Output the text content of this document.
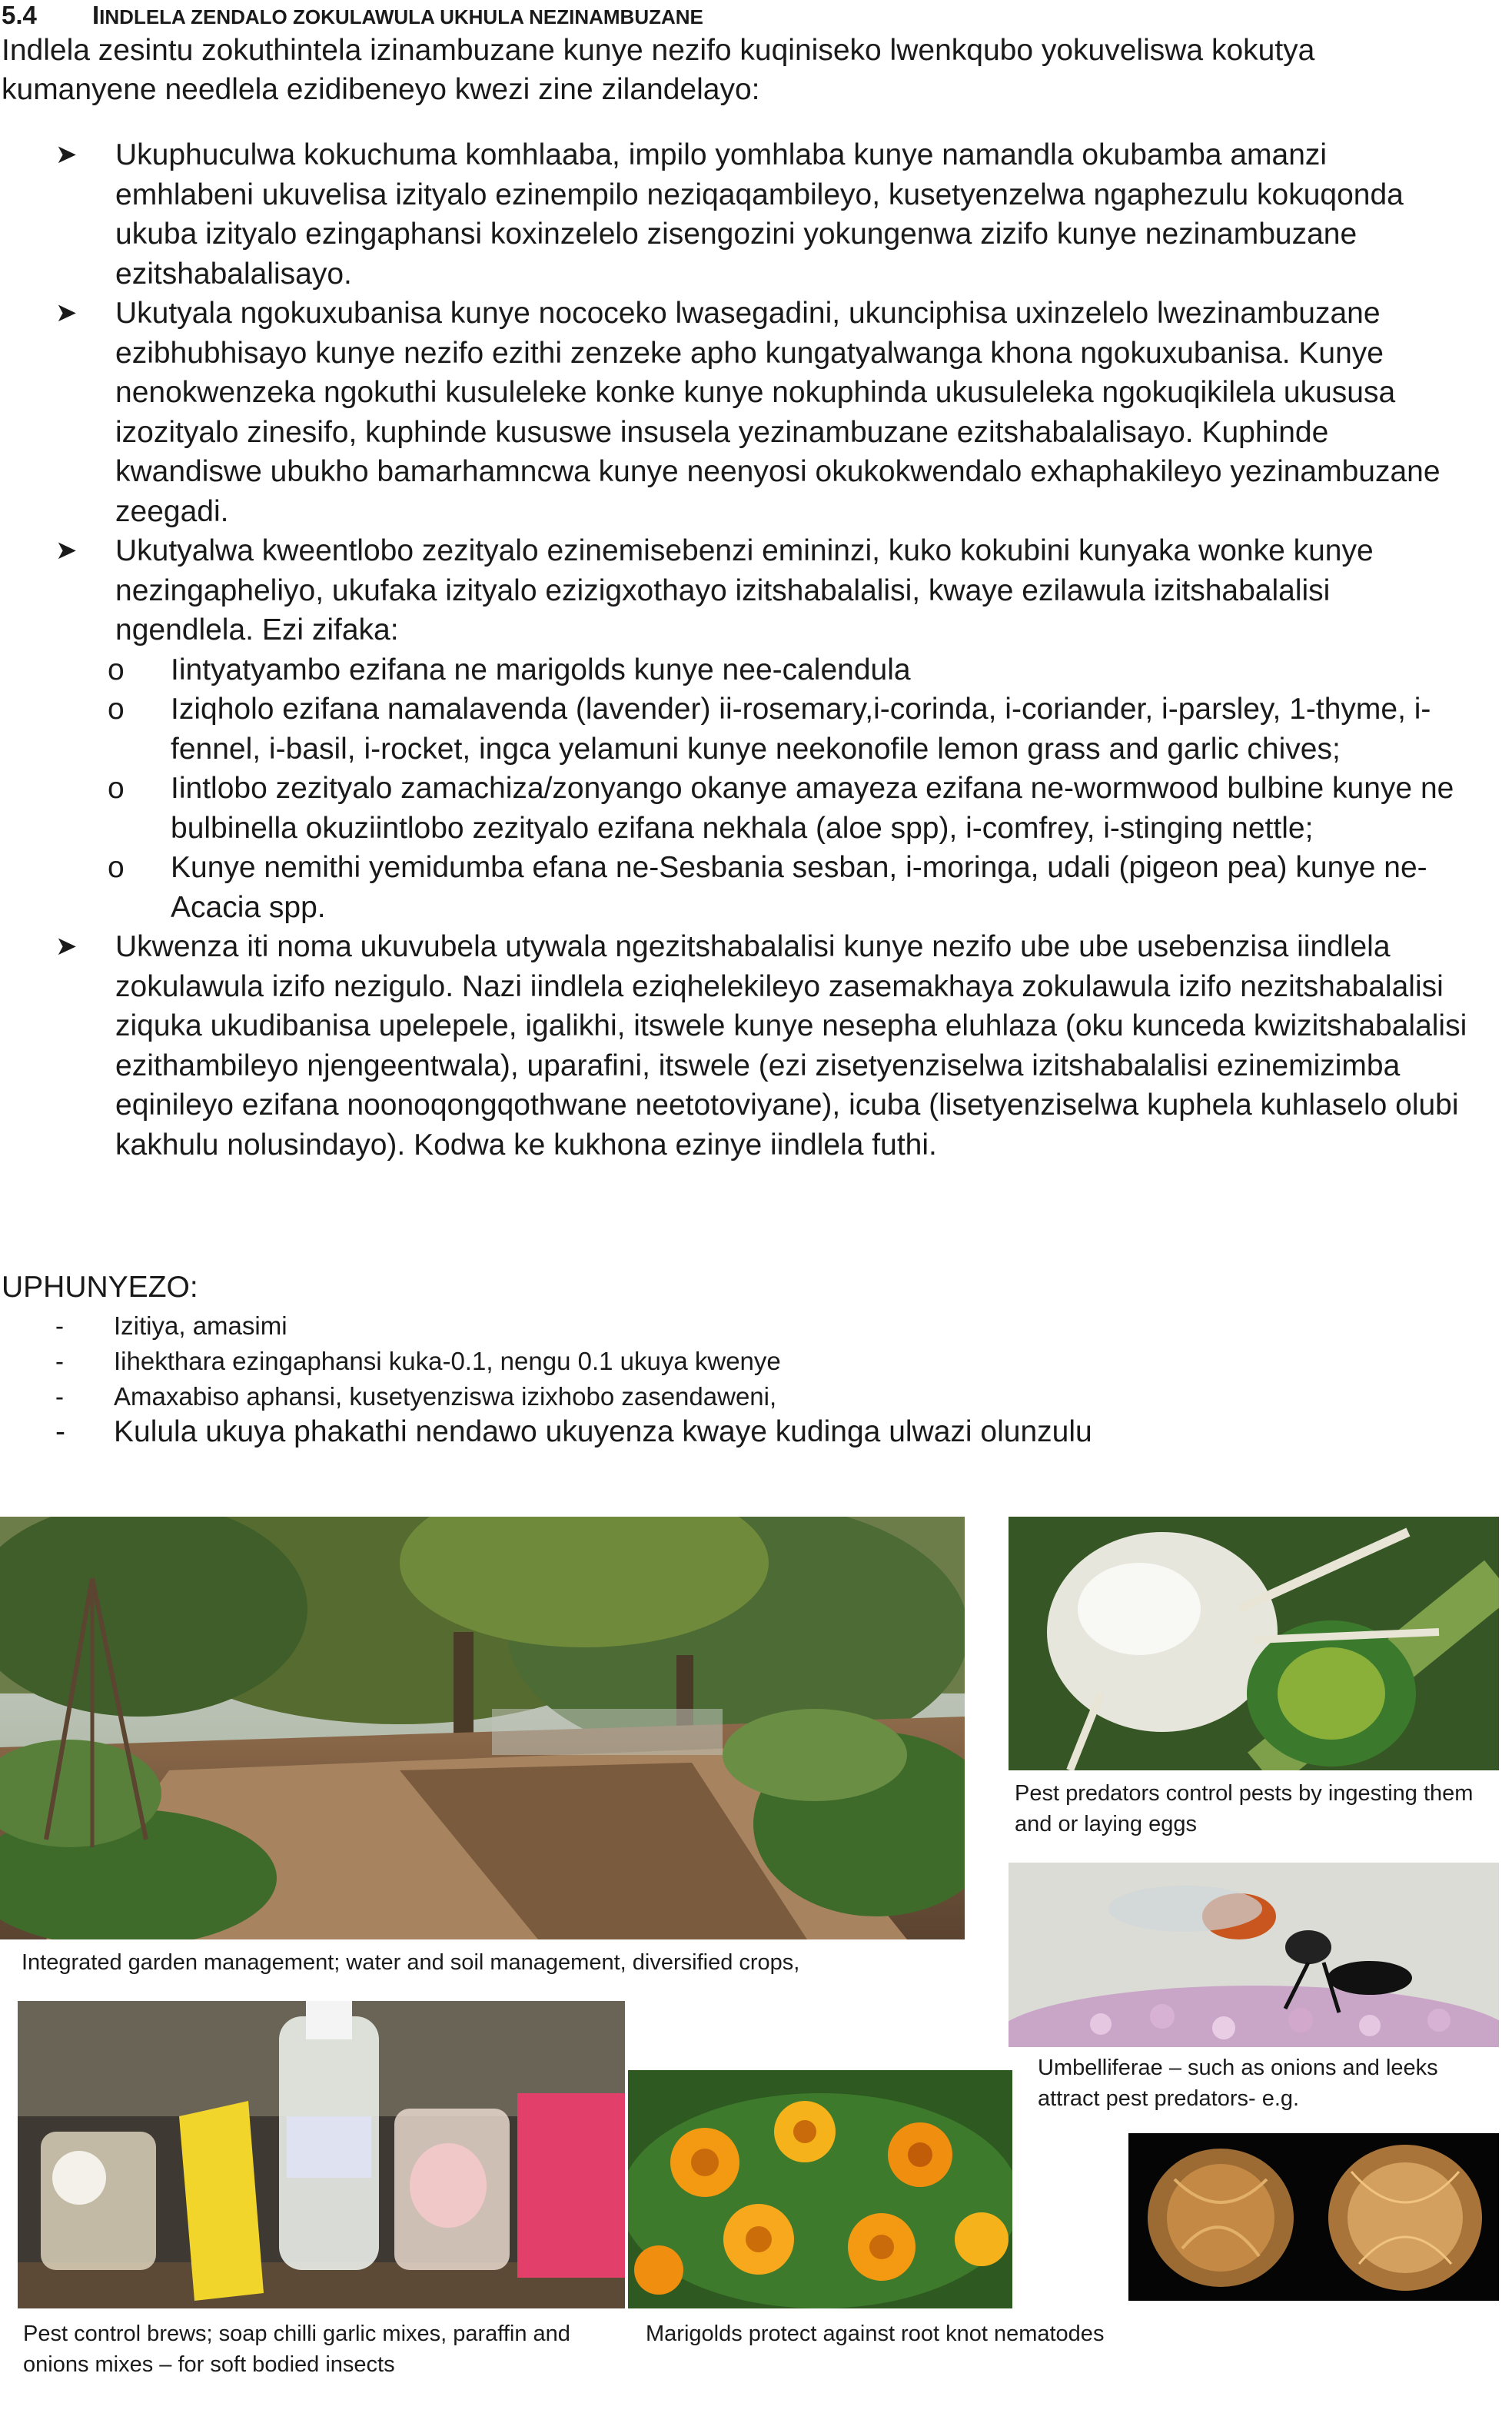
5.4 IINDLELA ZENDALO ZOKULAWULA UKHULA NEZINAMBUZANE
Indlela zesintu zokuthintela izinambuzane kunye nezifo kuqiniseko lwenkqubo yokuveliswa kokutya kumanyene needlela ezidibeneyo kwezi zine zilandelayo:
➤ Ukuphuculwa kokuchuma komhlaaba, impilo yomhlaba kunye namandla okubamba amanzi emhlabeni ukuvelisa izityalo ezinempilo neziqaqambileyo, kusetyenzelwa ngaphezulu kokuqonda ukuba izityalo ezingaphansi koxinzelelo zisengozini yokungenwa zizifo kunye nezinambuzane ezitshabalalisayo.
➤ Ukutyala ngokuxubanisa kunye nococeko lwasegadini, ukunciphisa uxinzelelo lwezinambuzane ezibhubhisayo kunye nezifo ezithi zenzeke apho kungatyalwanga khona ngokuxubanisa. Kunye nenokwenzeka ngokuthi kusuleleke konke kunye nokuphinda ukusuleleka ngokuqikilela ukususa izozityalo zinesifo, kuphinde kususwe insusela yezinambuzane ezitshabalalisayo. Kuphinde kwandiswe ubukho bamarhamncwa kunye neenyosi okukokwendalo exhaphakileyo yezinambuzane zeegadi.
➤ Ukutyalwa kweentlobo zezityalo ezinemisebenzi emininzi, kuko kokubini kunyaka wonke kunye nezingapheliyo, ukufaka izityalo ezizigxothayo izitshabalalisi, kwaye ezilawula izitshabalalisi ngendlela. Ezi zifaka:
o Iintyatyambo ezifana ne marigolds kunye nee-calendula
o Iziqholo ezifana namalavenda (lavender) ii-rosemary,i-corinda, i-coriander, i-parsley, 1-thyme, i-fennel, i-basil, i-rocket, ingca yelamuni kunye neekonofile lemon grass and garlic chives;
o Iintlobo zezityalo zamachiza/zonyango okanye amayeza ezifana ne-wormwood bulbine kunye ne bulbinella okuziintlobo zezityalo ezifana nekhala (aloe spp), i-comfrey, i-stinging nettle;
o Kunye nemithi yemidumba efana ne-Sesbania sesban, i-moringa, udali (pigeon pea) kunye ne-Acacia spp.
➤ Ukwenza iti noma ukuvubela utywala ngezitshabalalisi kunye nezifo ube ube usebenzisa iindlela zokulawula izifo nezigulo. Nazi iindlela eziqhelekileyo zasemakhaya zokulawula izifo nezitshabalalisi ziquka ukudibanisa upelepele, igalikhi, itswele kunye nesepha eluhlaza (oku kunceda kwizitshabalalisi ezithambileyo njengeentwala), uparafini, itswele (ezi zisetyenziselwa izitshabalalisi ezinemizimba eqinileyo ezifana noonoqongqothwane neetotoviyane), icuba (lisetyenziselwa kuphela kuhlaselo olubi kakhulu nolusindayo). Kodwa ke kukhona ezinye iindlela futhi.
UPHUNYEZO:
- Izitiya, amasimi
- Iihekthara ezingaphansi kuka-0.1, nengu 0.1 ukuya kwenye
- Amaxabiso aphansi, kusetyenziswa izixhobo zasendaweni,
- Kulula ukuya phakathi nendawo ukuyenza kwaye kudinga ulwazi olunzulu
Integrated garden management; water and soil management, diversified crops,
Pest predators control pests by ingesting them and or laying eggs
Umbelliferae – such as onions and leeks attract pest predators- e.g.
Pest control brews; soap chilli garlic mixes, paraffin and onions mixes – for soft bodied insects
Marigolds protect against root knot nematodes
